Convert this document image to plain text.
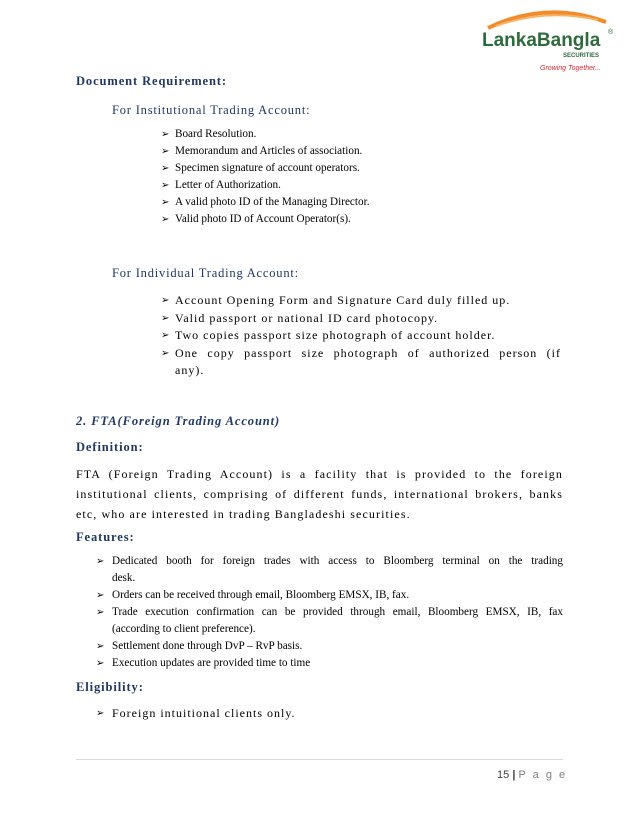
LankaBangla ®
SECURITIES
Growing Together...
Document Requirement:
For Institutional Trading Account:
➢ Board Resolution.
➢ Memorandum and Articles of association.
➢ Specimen signature of account operators.
➢ Letter of Authorization.
➢ A valid photo ID of the Managing Director.
➢ Valid photo ID of Account Operator(s).
For Individual Trading Account:
➢ Account Opening Form and Signature Card duly filled up.
➢ Valid passport or national ID card photocopy.
➢ Two copies passport size photograph of account holder.
➢ One copy passport size photograph of authorized person (if
any).
2. FTA(Foreign Trading Account)
Definition:
FTA (Foreign Trading Account) is a facility that is provided to the foreign
institutional clients, comprising of different funds, international brokers, banks
etc, who are interested in trading Bangladeshi securities.
Features:
➢ Dedicated booth for foreign trades with access to Bloomberg terminal on the trading
desk.
➢ Orders can be received through email, Bloomberg EMSX, IB, fax.
➢ Trade execution confirmation can be provided through email, Bloomberg EMSX, IB, fax
(according to client preference).
➢ Settlement done through DvP – RvP basis.
➢ Execution updates are provided time to time
Eligibility:
➢ Foreign intuitional clients only.
15 | P a g e
